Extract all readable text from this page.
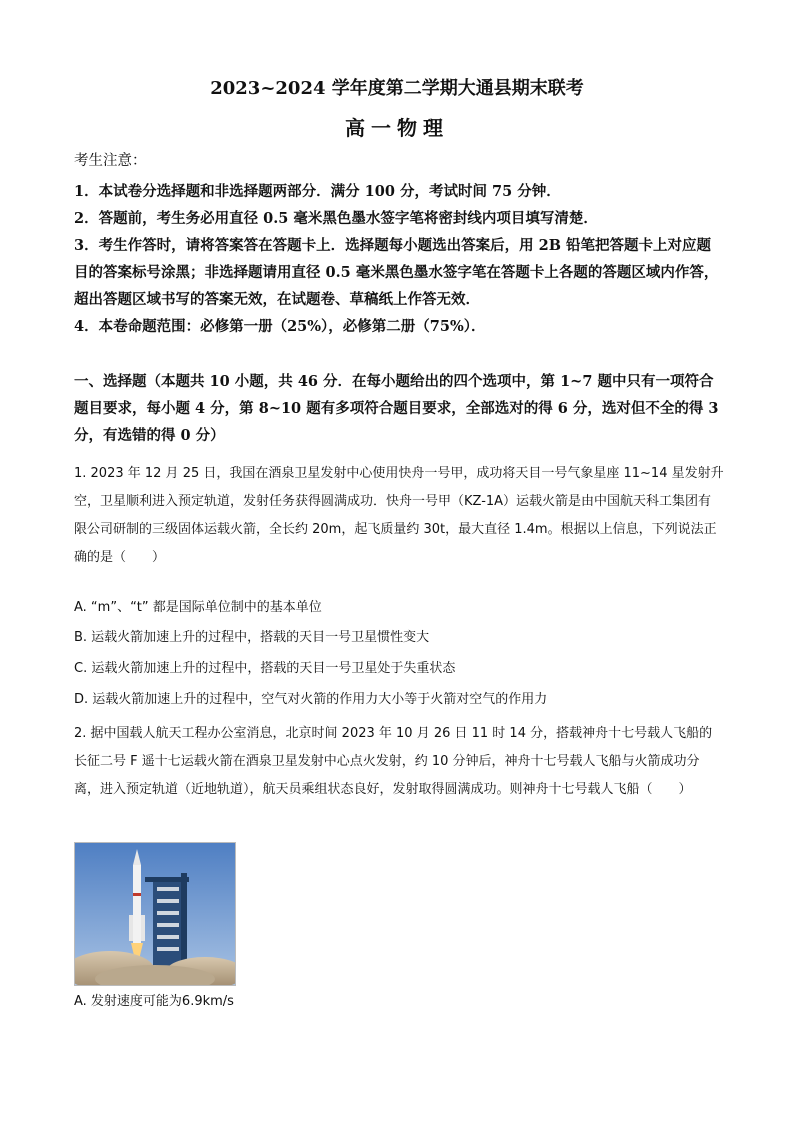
2023~2024 学年度第二学期大通县期末联考
高一物理
考生注意：

1．本试卷分选择题和非选择题两部分．满分 100 分，考试时间 75 分钟．

2．答题前，考生务必用直径 0.5 毫米黑色墨水签字笔将密封线内项目填写清楚．

3．考生作答时，请将答案答在答题卡上．选择题每小题选出答案后，用 2B 铅笔把答题卡上对应题目的答案标号涂黑；非选择题请用直径 0.5 毫米黑色墨水签字笔在答题卡上各题的答题区域内作答，超出答题区域书写的答案无效，在试题卷、草稿纸上作答无效．

4．本卷命题范围：必修第一册（25%），必修第二册（75%）．

一、选择题（本题共 10 小题，共 46 分．在每小题给出的四个选项中，第 1~7 题中只有一项符合题目要求，每小题 4 分，第 8~10 题有多项符合题目要求，全部选对的得 6 分，选对但不全的得 3 分，有选错的得 0 分）
1. 2023 年 12 月 25 日，我国在酒泉卫星发射中心使用快舟一号甲，成功将天目一号气象星座 11~14 星发射升空，卫星顺利进入预定轨道，发射任务获得圆满成功．快舟一号甲（KZ-1A）运载火箭是由中国航天科工集团有限公司研制的三级固体运载火箭，全长约 20m，起飞质量约 30t，最大直径 1.4m。根据以上信息，下列说法正确的是（　　）
A. “m”、“t” 都是国际单位制中的基本单位
B. 运载火箭加速上升的过程中，搭载的天目一号卫星惯性变大
C. 运载火箭加速上升的过程中，搭载的天目一号卫星处于失重状态
D. 运载火箭加速上升的过程中，空气对火箭的作用力大小等于火箭对空气的作用力
2. 据中国载人航天工程办公室消息，北京时间 2023 年 10 月 26 日 11 时 14 分，搭载神舟十七号载人飞船的长征二号 F 遥十七运载火箭在酒泉卫星发射中心点火发射，约 10 分钟后，神舟十七号载人飞船与火箭成功分离，进入预定轨道（近地轨道），航天员乘组状态良好，发射取得圆满成功。则神舟十七号载人飞船（　　）
A. 发射速度可能为6.9km/s
